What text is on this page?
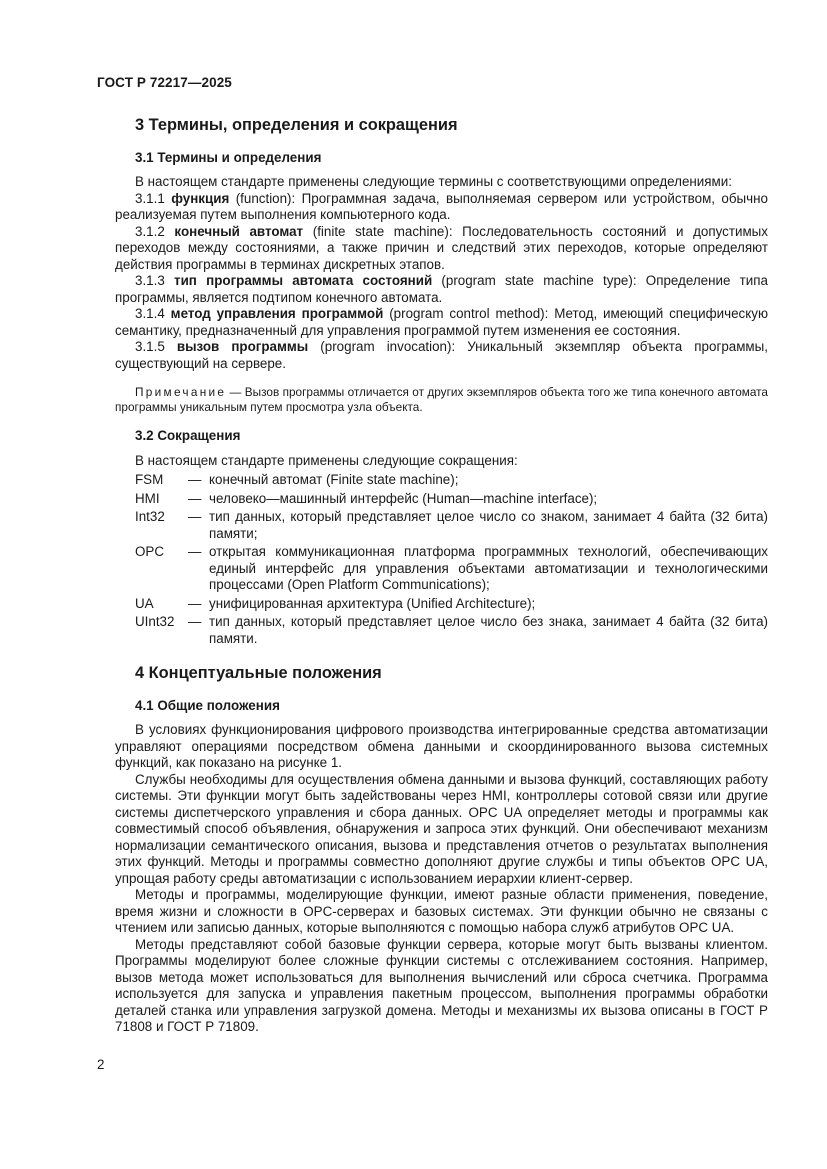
ГОСТ Р 72217—2025
3 Термины, определения и сокращения
3.1 Термины и определения

В настоящем стандарте применены следующие термины с соответствующими определениями:

3.1.1 функция (function): Программная задача, выполняемая сервером или устройством, обычно реализуемая путем выполнения компьютерного кода.

3.1.2 конечный автомат (finite state machine): Последовательность состояний и допустимых переходов между состояниями, а также причин и следствий этих переходов, которые определяют действия программы в терминах дискретных этапов.

3.1.3 тип программы автомата состояний (program state machine type): Определение типа программы, является подтипом конечного автомата.

3.1.4 метод управления программой (program control method): Метод, имеющий специфическую семантику, предназначенный для управления программой путем изменения ее состояния.

3.1.5 вызов программы (program invocation): Уникальный экземпляр объекта программы, существующий на сервере.

Примечание — Вызов программы отличается от других экземпляров объекта того же типа конечного автомата программы уникальным путем просмотра узла объекта.

3.2 Сокращения

В настоящем стандарте применены следующие сокращения:

FSM	— конечный автомат (Finite state machine);
HMI	— человеко—машинный интерфейс (Human—machine interface);
Int32	— тип данных, который представляет целое число со знаком, занимает 4 байта (32 бита) памяти;
OPC	— открытая коммуникационная платформа программных технологий, обеспечивающих единый интерфейс для управления объектами автоматизации и технологическими процессами (Open Platform Communications);
UA	— унифицированная архитектура (Unified Architecture);
UInt32	— тип данных, который представляет целое число без знака, занимает 4 байта (32 бита) памяти.
4 Концептуальные положения
4.1 Общие положения

В условиях функционирования цифрового производства интегрированные средства автоматизации управляют операциями посредством обмена данными и скоординированного вызова системных функций, как показано на рисунке 1.

Службы необходимы для осуществления обмена данными и вызова функций, составляющих работу системы. Эти функции могут быть задействованы через HMI, контроллеры сотовой связи или другие системы диспетчерского управления и сбора данных. OPC UA определяет методы и программы как совместимый способ объявления, обнаружения и запроса этих функций. Они обеспечивают механизм нормализации семантического описания, вызова и представления отчетов о результатах выполнения этих функций. Методы и программы совместно дополняют другие службы и типы объектов OPC UA, упрощая работу среды автоматизации с использованием иерархии клиент-сервер.

Методы и программы, моделирующие функции, имеют разные области применения, поведение, время жизни и сложности в OPC-серверах и базовых системах. Эти функции обычно не связаны с чтением или записью данных, которые выполняются с помощью набора служб атрибутов OPC UA.

Методы представляют собой базовые функции сервера, которые могут быть вызваны клиентом. Программы моделируют более сложные функции системы с отслеживанием состояния. Например, вызов метода может использоваться для выполнения вычислений или сброса счетчика. Программа используется для запуска и управления пакетным процессом, выполнения программы обработки деталей станка или управления загрузкой домена. Методы и механизмы их вызова описаны в ГОСТ Р 71808 и ГОСТ Р 71809.

2
